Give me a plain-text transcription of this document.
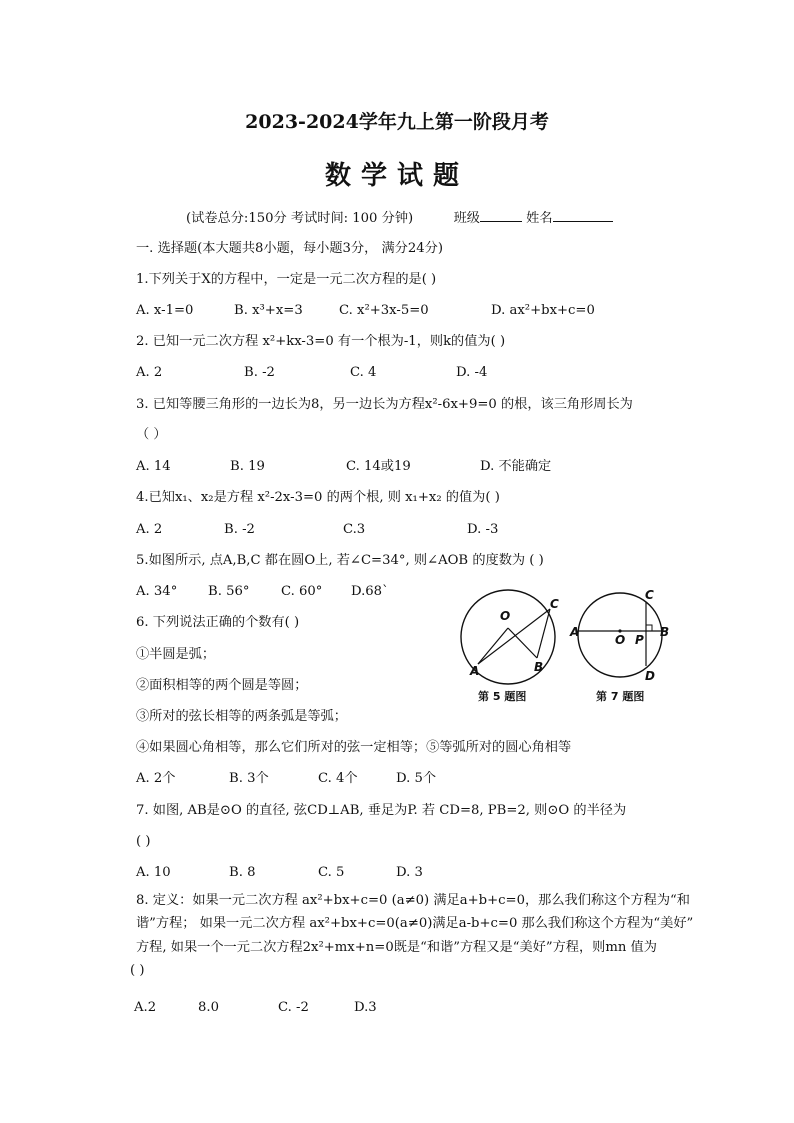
2023-2024学年九上第一阶段月考
数学试题
(试卷总分:150分 考试时间: 100 分钟)	班级	姓名
一. 选择题(本大题共8小题，每小题3分， 满分24分)
1.下列关于X的方程中，一定是一元二次方程的是( )
A. x-1=0	B. x³+x=3	C. x²+3x-5=0	D. ax²+bx+c=0
2. 已知一元二次方程 x²+kx-3=0 有一个根为-1，则k的值为( )
A. 2	B. -2	C. 4	D. -4
3. 已知等腰三角形的一边长为8，另一边长为方程x²-6x+9=0 的根，该三角形周长为
（ ）
A. 14	B. 19	C. 14或19	D. 不能确定
4.已知x₁、x₂是方程 x²-2x-3=0 的两个根, 则 x₁+x₂ 的值为( )
A. 2	B. -2	C.3	D. -3
5.如图所示, 点A,B,C 都在圆O上, 若∠C=34°, 则∠AOB 的度数为 ( )
A. 34° B. 56° C. 60° D.68`
6. 下列说法正确的个数有( )
①半圆是弧；
②面积相等的两个圆是等圆；
③所对的弦长相等的两条弧是等弧；
④如果圆心角相等，那么它们所对的弦一定相等；⑤等弧所对的圆心角相等
A. 2个	B. 3个	C. 4个	D. 5个
7. 如图, AB是⊙O 的直径, 弦CD⊥AB, 垂足为P. 若 CD=8, PB=2, 则⊙O 的半径为
( )
A. 10	B. 8	C. 5	D. 3
8. 定义：如果一元二次方程 ax²+bx+c=0 (a≠0) 满足a+b+c=0，那么我们称这个方程为“和
谐”方程； 如果一元二次方程 ax²+bx+c=0(a≠0)满足a-b+c=0 那么我们称这个方程为“美好”
方程, 如果一个一元二次方程2x²+mx+n=0既是“和谐”方程又是“美好”方程，则mn 值为
( )
A.2	8.0	C. -2	D.3
O
C
A	B
第 5 题图
C
A
O P
B
D
第 7 题图
